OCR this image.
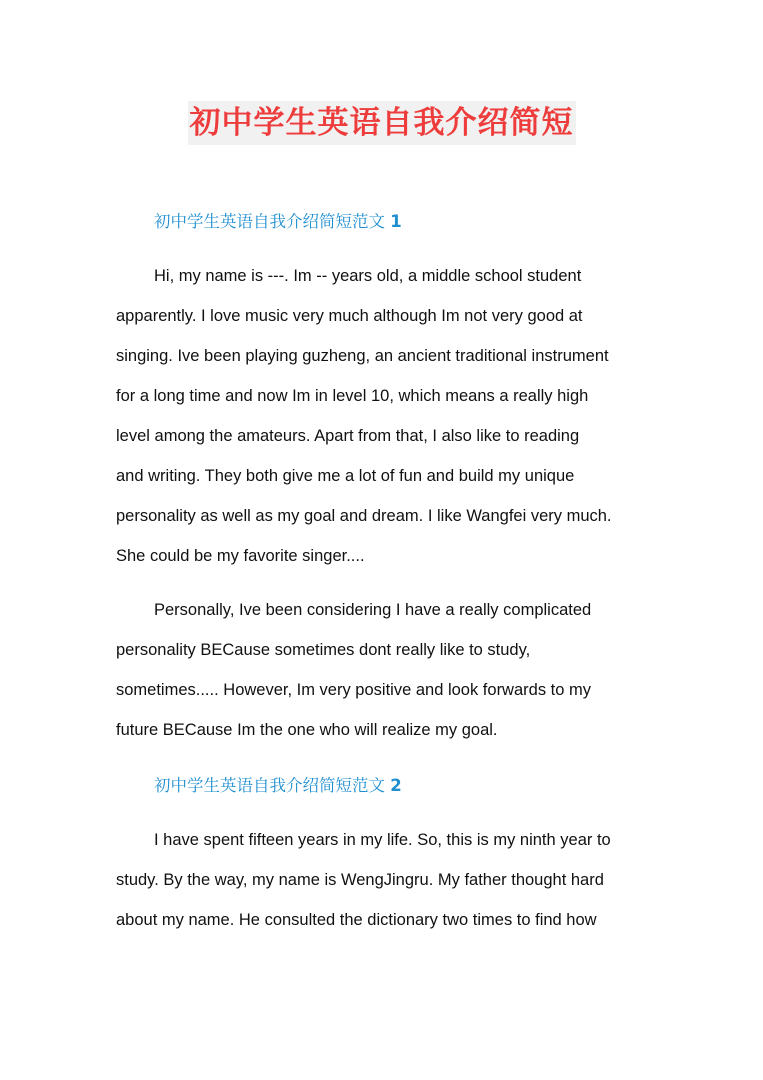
初中学生英语自我介绍简短
初中学生英语自我介绍简短范文 1
Hi, my name is ---. Im -- years old, a middle school student
apparently. I love music very much although Im not very good at
singing. Ive been playing guzheng, an ancient traditional instrument
for a long time and now Im in level 10, which means a really high
level among the amateurs. Apart from that, I also like to reading
and writing. They both give me a lot of fun and build my unique
personality as well as my goal and dream. I like Wangfei very much.
She could be my favorite singer....
Personally, Ive been considering I have a really complicated
personality BECause sometimes dont really like to study,
sometimes..... However, Im very positive and look forwards to my
future BECause Im the one who will realize my goal.
初中学生英语自我介绍简短范文 2
I have spent fifteen years in my life. So, this is my ninth year to
study. By the way, my name is WengJingru. My father thought hard
about my name. He consulted the dictionary two times to find how
